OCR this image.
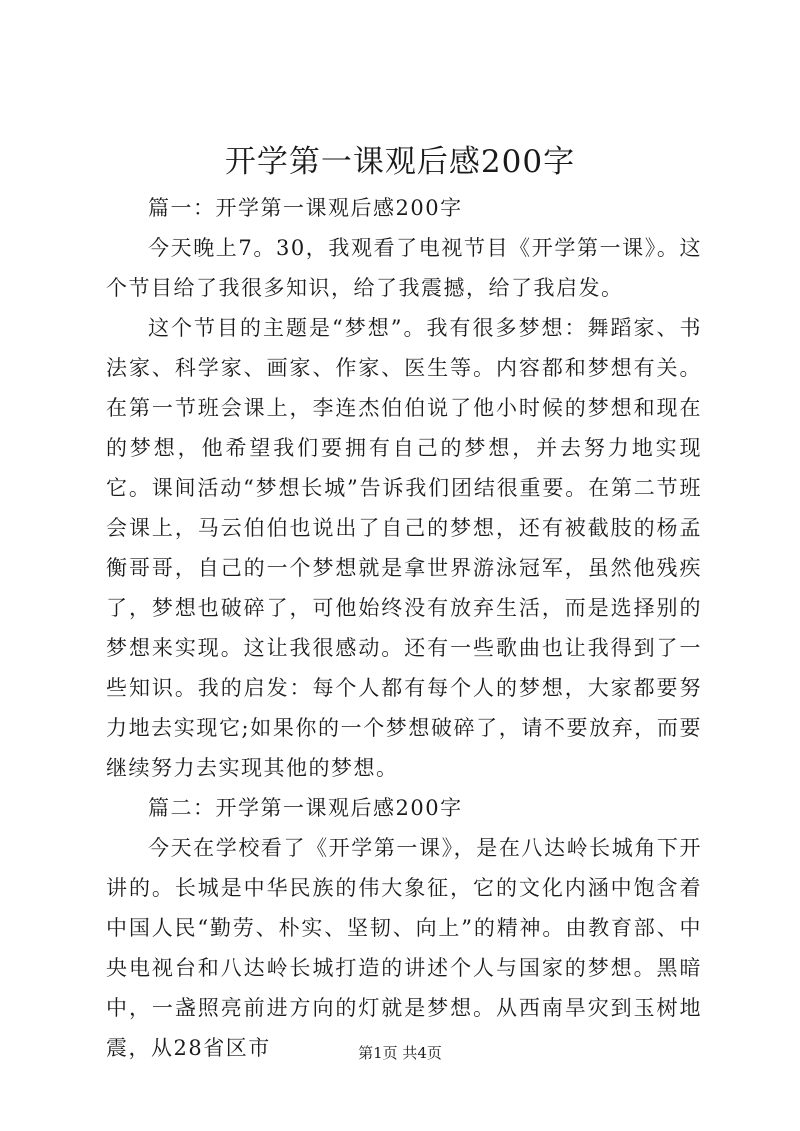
开学第一课观后感200字

篇一：开学第一课观后感200字

今天晚上7。30，我观看了电视节目《开学第一课》。这个节目给了我很多知识，给了我震撼，给了我启发。

这个节目的主题是“梦想”。我有很多梦想：舞蹈家、书法家、科学家、画家、作家、医生等。内容都和梦想有关。在第一节班会课上，李连杰伯伯说了他小时候的梦想和现在的梦想，他希望我们要拥有自己的梦想，并去努力地实现它。课间活动“梦想长城”告诉我们团结很重要。在第二节班会课上，马云伯伯也说出了自己的梦想，还有被截肢的杨孟衡哥哥，自己的一个梦想就是拿世界游泳冠军，虽然他残疾了，梦想也破碎了，可他始终没有放弃生活，而是选择别的梦想来实现。这让我很感动。还有一些歌曲也让我得到了一些知识。我的启发：每个人都有每个人的梦想，大家都要努力地去实现它;如果你的一个梦想破碎了，请不要放弃，而要继续努力去实现其他的梦想。

篇二：开学第一课观后感200字

今天在学校看了《开学第一课》，是在八达岭长城角下开讲的。长城是中华民族的伟大象征，它的文化内涵中饱含着中国人民“勤劳、朴实、坚韧、向上”的精神。由教育部、中央电视台和八达岭长城打造的讲述个人与国家的梦想。黑暗中，一盏照亮前进方向的灯就是梦想。从西南旱灾到玉树地震，从28省区市	第1页 共4页
